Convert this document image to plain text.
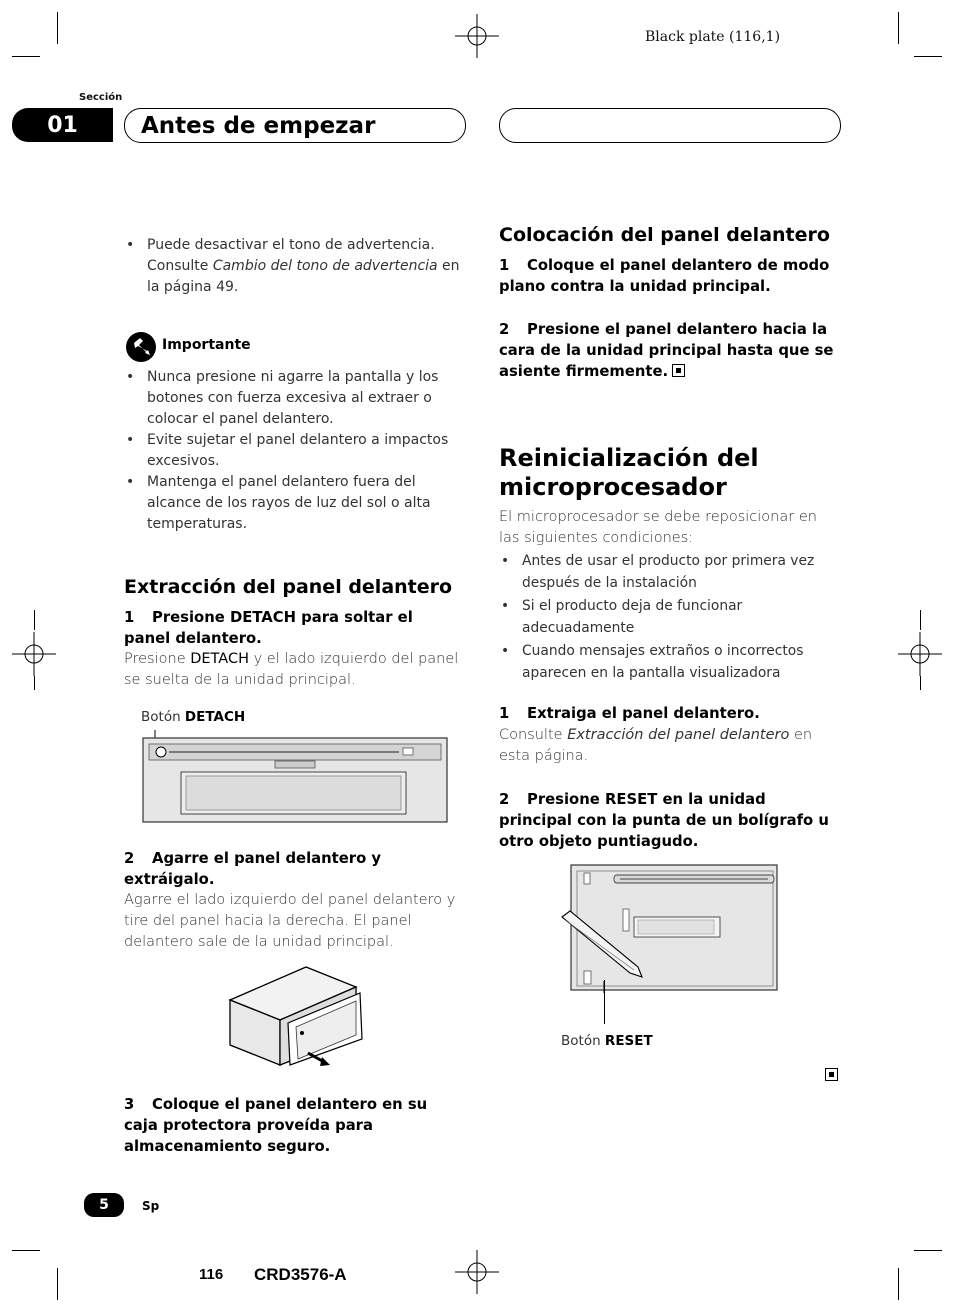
Black plate (116,1)
Sección
01	Antes de empezar
• Puede desactivar el tono de advertencia. Consulte Cambio del tono de advertencia en la página 49.
Importante
• Nunca presione ni agarre la pantalla y los botones con fuerza excesiva al extraer o colocar el panel delantero.
• Evite sujetar el panel delantero a impactos excesivos.
• Mantenga el panel delantero fuera del alcance de los rayos de luz del sol o alta temperaturas.
Extracción del panel delantero
1 Presione DETACH para soltar el panel delantero.
Presione DETACH y el lado izquierdo del panel se suelta de la unidad principal.
Botón DETACH
2 Agarre el panel delantero y extráigalo.
Agarre el lado izquierdo del panel delantero y tire del panel hacia la derecha. El panel delantero sale de la unidad principal.
3 Coloque el panel delantero en su caja protectora proveída para almacenamiento seguro.
Colocación del panel delantero
1 Coloque el panel delantero de modo plano contra la unidad principal.
2 Presione el panel delantero hacia la cara de la unidad principal hasta que se asiente firmemente.
Reinicialización del microprocesador
El microprocesador se debe reposicionar en las siguientes condiciones:
• Antes de usar el producto por primera vez después de la instalación
• Si el producto deja de funcionar adecuadamente
• Cuando mensajes extraños o incorrectos aparecen en la pantalla visualizadora
1 Extraiga el panel delantero.
Consulte Extracción del panel delantero en esta página.
2 Presione RESET en la unidad principal con la punta de un bolígrafo u otro objeto puntiagudo.
Botón RESET
5	Sp
116 CRD3576-A
